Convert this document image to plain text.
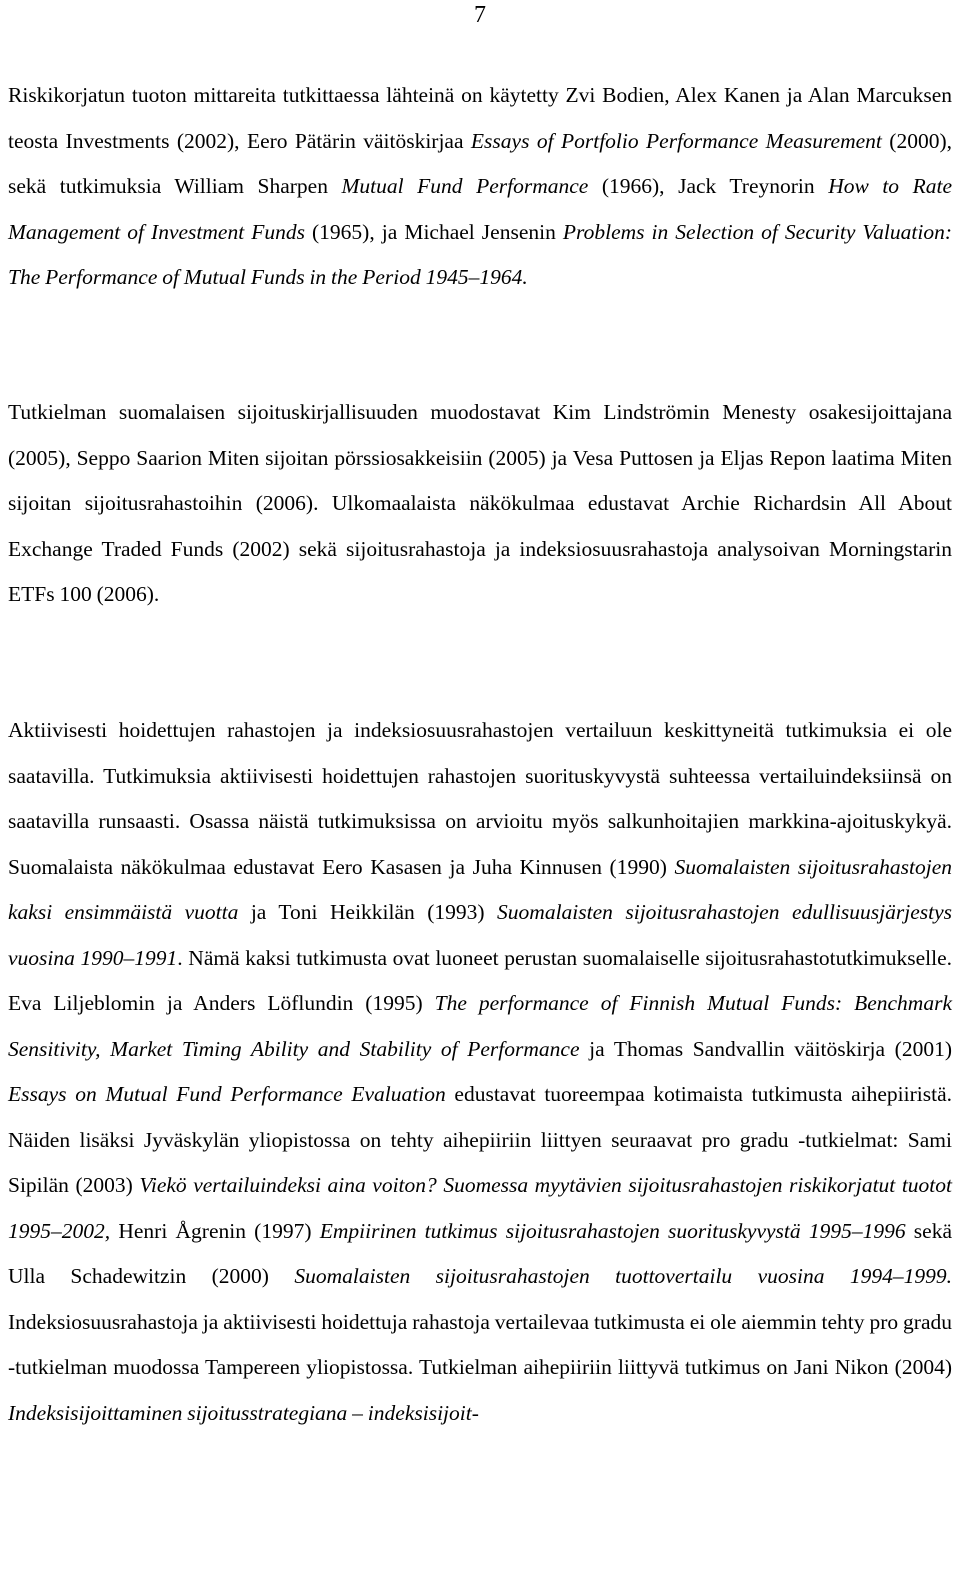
7

Riskikorjatun tuoton mittareita tutkittaessa lähteinä on käytetty Zvi Bodien, Alex Kanen ja Alan Marcuksen teosta Investments (2002), Eero Pätärin väitöskirjaa Essays of Portfolio Performance Measurement (2000), sekä tutkimuksia William Sharpen Mutual Fund Performance (1966), Jack Treynorin How to Rate Management of Investment Funds (1965), ja Michael Jensenin Problems in Selection of Security Valuation: The Performance of Mutual Funds in the Period 1945–1964.

Tutkielman suomalaisen sijoituskirjallisuuden muodostavat Kim Lindströmin Menesty osakesijoittajana (2005), Seppo Saarion Miten sijoitan pörssiosakkeisiin (2005) ja Vesa Puttosen ja Eljas Repon laatima Miten sijoitan sijoitusrahastoihin (2006). Ulkomaalaista näkökulmaa edustavat Archie Richardsin All About Exchange Traded Funds (2002) sekä sijoitusrahastoja ja indeksiosuusrahastoja analysoivan Morningstarin ETFs 100 (2006).

Aktiivisesti hoidettujen rahastojen ja indeksiosuusrahastojen vertailuun keskittyneitä tutkimuksia ei ole saatavilla. Tutkimuksia aktiivisesti hoidettujen rahastojen suorituskyvystä suhteessa vertailuindeksiinsä on saatavilla runsaasti. Osassa näistä tutkimuksissa on arvioitu myös salkunhoitajien markkina-ajoituskykyä. Suomalaista näkökulmaa edustavat Eero Kasasen ja Juha Kinnusen (1990) Suomalaisten sijoitusrahastojen kaksi ensimmäistä vuotta ja Toni Heikkilän (1993) Suomalaisten sijoitusrahastojen edullisuusjärjestys vuosina 1990–1991. Nämä kaksi tutkimusta ovat luoneet perustan suomalaiselle sijoitusrahastotutkimukselle. Eva Liljeblomin ja Anders Löflundin (1995) The performance of Finnish Mutual Funds: Benchmark Sensitivity, Market Timing Ability and Stability of Performance ja Thomas Sandvallin väitöskirja (2001) Essays on Mutual Fund Performance Evaluation edustavat tuoreempaa kotimaista tutkimusta aihepiiristä. Näiden lisäksi Jyväskylän yliopistossa on tehty aihepiiriin liittyen seuraavat pro gradu -tutkielmat: Sami Sipilän (2003) Viekö vertailuindeksi aina voiton? Suomessa myytävien sijoitusrahastojen riskikorjatut tuotot 1995–2002, Henri Ågrenin (1997) Empiirinen tutkimus sijoitusrahastojen suorituskyvystä 1995–1996 sekä Ulla Schadewitzin (2000) Suomalaisten sijoitusrahastojen tuottovertailu vuosina 1994–1999. Indeksiosuusrahastoja ja aktiivisesti hoidettuja rahastoja vertailevaa tutkimusta ei ole aiemmin tehty pro gradu -tutkielman muodossa Tampereen yliopistossa. Tutkielman aihepiiriin liittyvä tutkimus on Jani Nikon (2004) Indeksisijoittaminen sijoitusstrategiana – indeksisijoit-
